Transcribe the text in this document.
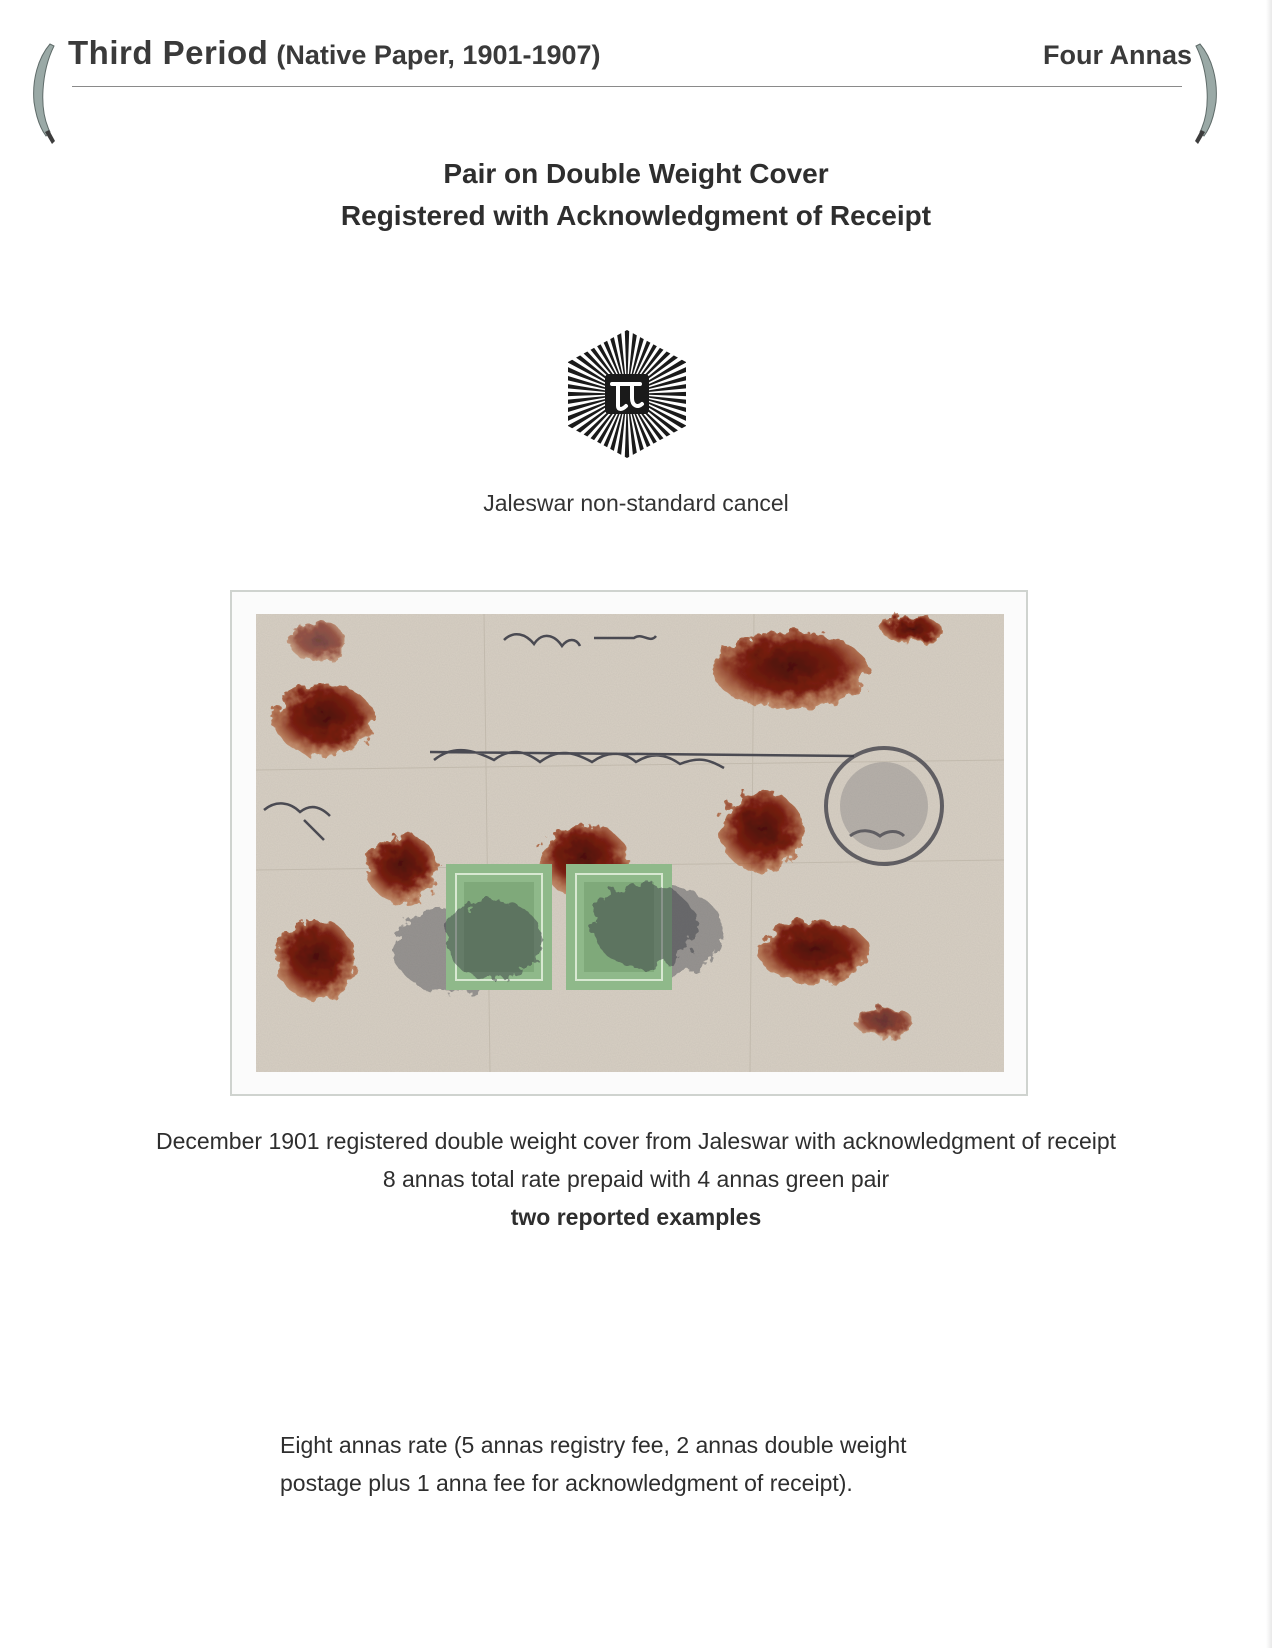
Third Period (Native Paper, 1901-1907)	Four Annas
Pair on Double Weight Cover
Registered with Acknowledgment of Receipt
Jaleswar non-standard cancel
December 1901 registered double weight cover from Jaleswar with acknowledgment of receipt
8 annas total rate prepaid with 4 annas green pair
two reported examples
Eight annas rate (5 annas registry fee, 2 annas double weight
postage plus 1 anna fee for acknowledgment of receipt).
